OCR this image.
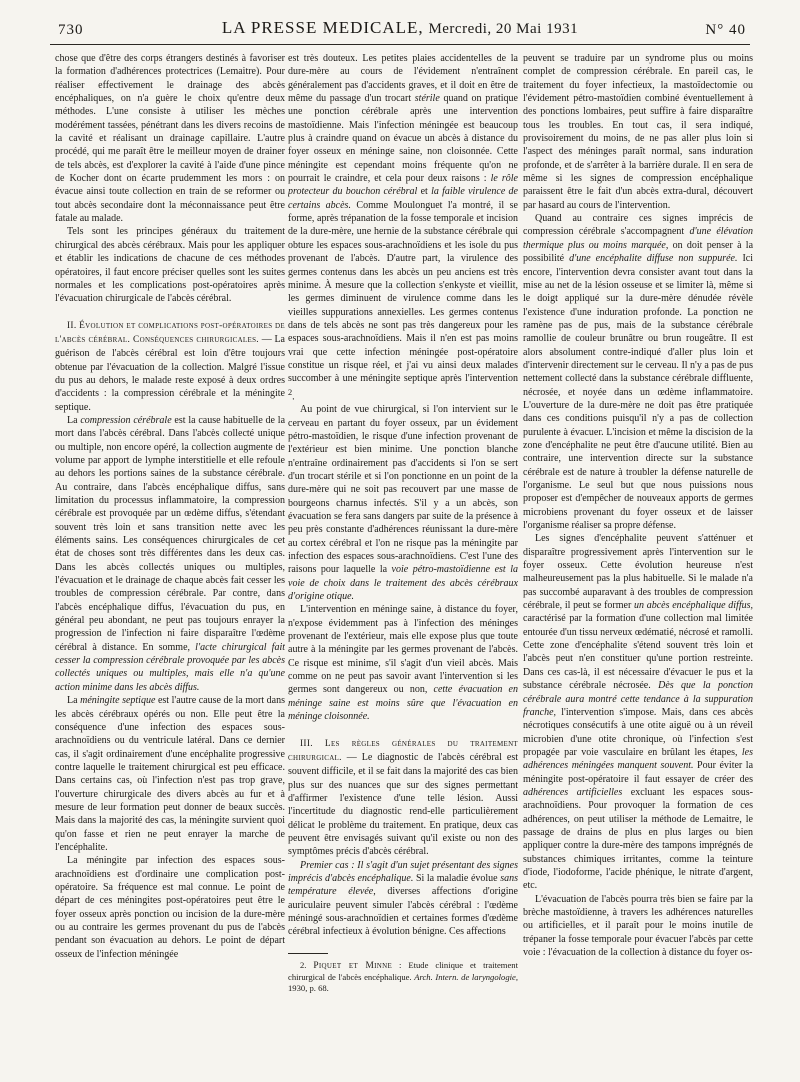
730	LA PRESSE MEDICALE, Mercredi, 20 Mai 1931	N° 40

chose que d'être des corps étrangers destinés à favoriser la formation d'adhérences protectrices (Lemaitre). Pour réaliser effectivement le drainage des abcès encéphaliques, on n'a guère le choix qu'entre deux méthodes. L'une consiste à utiliser les mèches modérément tassées, pénétrant dans les divers recoins de la cavité et réalisant un drainage capillaire. L'autre procédé, qui me paraît être le meilleur moyen de drainer de tels abcès, est d'explorer la cavité à l'aide d'une pince de Kocher dont on écarte prudemment les mors : on évacue ainsi toute collection en train de se reformer ou tout abcès secondaire dont la méconnaissance peut être fatale au malade.

Tels sont les principes généraux du traitement chirurgical des abcès cérébraux. Mais pour les appliquer et établir les indications de chacune de ces méthodes opératoires, il faut encore préciser quelles sont les suites normales et les complications post-opératoires après l'évacuation chirurgicale de l'abcès cérébral.

II. Évolution et complications post-opératoires de l'abcès cérébral. Conséquences chirurgicales. — La guérison de l'abcès cérébral est loin d'être toujours obtenue par l'évacuation de la collection. Malgré l'issue du pus au dehors, le malade reste exposé à deux ordres d'accidents : la compression cérébrale et la méningite septique.

La compression cérébrale est la cause habituelle de la mort dans l'abcès cérébral. Dans l'abcès collecté unique ou multiple, non encore opéré, la collection augmente de volume par apport de lymphe interstitielle et elle refoule au dehors les portions saines de la substance cérébrale. Au contraire, dans l'abcès encéphalique diffus, sans limitation du processus inflammatoire, la compression cérébrale est provoquée par un œdème diffus, s'étendant souvent très loin et sans transition nette avec les éléments sains. Les conséquences chirurgicales de cet état de choses sont très différentes dans les deux cas. Dans les abcès collectés uniques ou multiples, l'évacuation et le drainage de chaque abcès fait cesser les troubles de compression cérébrale. Par contre, dans l'abcès encéphalique diffus, l'évacuation du pus, en général peu abondant, ne peut pas toujours enrayer la progression de l'infection ni faire disparaître l'œdème cérébral à distance. En somme, l'acte chirurgical fait cesser la compression cérébrale provoquée par les abcès collectés uniques ou multiples, mais elle n'a qu'une action minime dans les abcès diffus.

La méningite septique est l'autre cause de la mort dans les abcès cérébraux opérés ou non. Elle peut être la conséquence d'une infection des espaces sous-arachnoïdiens ou du ventricule latéral. Dans ce dernier cas, il s'agit ordinairement d'une encéphalite progressive contre laquelle le traitement chirurgical est peu efficace. Dans certains cas, où l'infection n'est pas trop grave, l'ouverture chirurgicale des divers abcès au fur et à mesure de leur formation peut donner de beaux succès. Mais dans la majorité des cas, la méningite survient quoi qu'on fasse et rien ne peut enrayer la marche de l'encéphalite.

La méningite par infection des espaces sous-arachnoïdiens est d'ordinaire une complication post-opératoire. Sa fréquence est mal connue. Le point de départ de ces méningites post-opératoires peut être le foyer osseux après ponction ou incision de la dure-mère ou au contraire les germes provenant du pus de l'abcès pendant son évacuation au dehors. Le point de départ osseux de l'infection méningée

est très douteux. Les petites plaies accidentelles de la dure-mère au cours de l'évidement n'entraînent généralement pas d'accidents graves, et il doit en être de même du passage d'un trocart stérile quand on pratique une ponction cérébrale après une intervention mastoïdienne. Mais l'infection méningée est beaucoup plus à craindre quand on évacue un abcès à distance du foyer osseux en méninge saine, non cloisonnée. Cette méningite est cependant moins fréquente qu'on ne pourrait le craindre, et cela pour deux raisons : le rôle protecteur du bouchon cérébral et la faible virulence de certains abcès. Comme Moulonguet l'a montré, il se forme, après trépanation de la fosse temporale et incision de la dure-mère, une hernie de la substance cérébrale qui obture les espaces sous-arachnoïdiens et les isole du pus provenant de l'abcès. D'autre part, la virulence des germes contenus dans les abcès un peu anciens est très minime. À mesure que la collection s'enkyste et vieillit, les germes diminuent de virulence comme dans les vieilles suppurations annexielles. Les germes contenus dans de tels abcès ne sont pas très dangereux pour les espaces sous-arachnoïdiens. Mais il n'en est pas moins vrai que cette infection méningée post-opératoire constitue un risque réel, et j'ai vu ainsi deux malades succomber à une méningite septique après l'intervention $^2$.

Au point de vue chirurgical, si l'on intervient sur le cerveau en partant du foyer osseux, par un évidement pétro-mastoïdien, le risque d'une infection provenant de l'extérieur est bien minime. Une ponction blanche n'entraîne ordinairement pas d'accidents si l'on se sert d'un trocart stérile et si l'on ponctionne en un point de la dure-mère qui ne soit pas recouvert par une masse de bourgeons charnus infectés. S'il y a un abcès, son évacuation se fera sans dangers par suite de la présence à peu près constante d'adhérences réunissant la dure-mère au cortex cérébral et l'on ne risque pas la méningite par infection des espaces sous-arachnoïdiens. C'est l'une des raisons pour laquelle la voie pétro-mastoïdienne est la voie de choix dans le traitement des abcès cérébraux d'origine otique.

L'intervention en méninge saine, à distance du foyer, n'expose évidemment pas à l'infection des méninges provenant de l'extérieur, mais elle expose plus que toute autre à la méningite par les germes provenant de l'abcès. Ce risque est minime, s'il s'agit d'un vieil abcès. Mais comme on ne peut pas savoir avant l'intervention si les germes sont dangereux ou non, cette évacuation en méninge saine est moins sûre que l'évacuation en méninge cloisonnée.

III. Les règles générales du traitement chirurgical. — Le diagnostic de l'abcès cérébral est souvent difficile, et il se fait dans la majorité des cas bien plus sur des nuances que sur des signes permettant d'affirmer l'existence d'une telle lésion. Aussi l'incertitude du diagnostic rend-elle particulièrement délicat le problème du traitement. En pratique, deux cas peuvent être envisagés suivant qu'il existe ou non des symptômes précis d'abcès cérébral.

Premier cas : Il s'agit d'un sujet présentant des signes imprécis d'abcès encéphalique. Si la maladie évolue sans température élevée, diverses affections d'origine auriculaire peuvent simuler l'abcès cérébral : l'œdème méningé sous-arachnoïdien et certaines formes d'œdème cérébral infectieux à évolution bénigne. Ces affections

2. Piquet et Minne : Etude clinique et traitement chirurgical de l'abcès encéphalique. Arch. Intern. de laryngologie, 1930, p. 68.

peuvent se traduire par un syndrome plus ou moins complet de compression cérébrale. En pareil cas, le traitement du foyer infectieux, la mastoïdectomie ou l'évidement pétro-mastoïdien combiné éventuellement à des ponctions lombaires, peut suffire à faire disparaître tous les troubles. En tout cas, il sera indiqué, provisoirement du moins, de ne pas aller plus loin si l'aspect des méninges paraît normal, sans induration profonde, et de s'arrêter à la barrière durale. Il en sera de même si les signes de compression encéphalique paraissent être le fait d'un abcès extra-dural, découvert par hasard au cours de l'intervention.

Quand au contraire ces signes imprécis de compression cérébrale s'accompagnent d'une élévation thermique plus ou moins marquée, on doit penser à la possibilité d'une encéphalite diffuse non suppurée. Ici encore, l'intervention devra consister avant tout dans la mise au net de la lésion osseuse et se limiter là, même si le doigt appliqué sur la dure-mère dénudée révèle l'existence d'une induration profonde. La ponction ne ramène pas de pus, mais de la substance cérébrale ramollie de couleur brunâtre ou brun rougeâtre. Il est alors absolument contre-indiqué d'aller plus loin et d'intervenir directement sur le cerveau. Il n'y a pas de pus nettement collecté dans la substance cérébrale diffluente, nécrosée, et noyée dans un œdème inflammatoire. L'ouverture de la dure-mère ne doit pas être pratiquée dans ces conditions puisqu'il n'y a pas de collection purulente à évacuer. L'incision et même la discision de la zone d'encéphalite ne peut être d'aucune utilité. Bien au contraire, une intervention directe sur la substance cérébrale est de nature à troubler la défense naturelle de l'organisme. Le seul but que nous puissions nous proposer est d'empêcher de nouveaux apports de germes microbiens provenant du foyer osseux et de laisser l'organisme réaliser sa propre défense.

Les signes d'encéphalite peuvent s'atténuer et disparaître progressivement après l'intervention sur le foyer osseux. Cette évolution heureuse n'est malheureusement pas la plus habituelle. Si le malade n'a pas succombé auparavant à des troubles de compression cérébrale, il peut se former un abcès encéphalique diffus, caractérisé par la formation d'une collection mal limitée entourée d'un tissu nerveux œdématié, nécrosé et ramolli. Cette zone d'encéphalite s'étend souvent très loin et l'abcès peut n'en constituer qu'une portion restreinte. Dans ces cas-là, il est nécessaire d'évacuer le pus et la substance cérébrale nécrosée. Dès que la ponction cérébrale aura montré cette tendance à la suppuration franche, l'intervention s'impose. Mais, dans ces abcès nécrotiques consécutifs à une otite aiguë ou à un réveil microbien d'une otite chronique, où l'infection s'est propagée par voie vasculaire en brûlant les étapes, les adhérences méningées manquent souvent. Pour éviter la méningite post-opératoire il faut essayer de créer des adhérences artificielles excluant les espaces sous-arachnoïdiens. Pour provoquer la formation de ces adhérences, on peut utiliser la méthode de Lemaitre, le passage de drains de plus en plus larges ou bien appliquer contre la dure-mère des tampons imprégnés de substances chimiques irritantes, comme la teinture d'iode, l'iodoforme, l'acide phénique, le nitrate d'argent, etc.

L'évacuation de l'abcès pourra très bien se faire par la brèche mastoïdienne, à travers les adhérences naturelles ou artificielles, et il paraît pour le moins inutile de trépaner la fosse temporale pour évacuer l'abcès par cette voie : l'évacuation de la collection à distance du foyer os-
